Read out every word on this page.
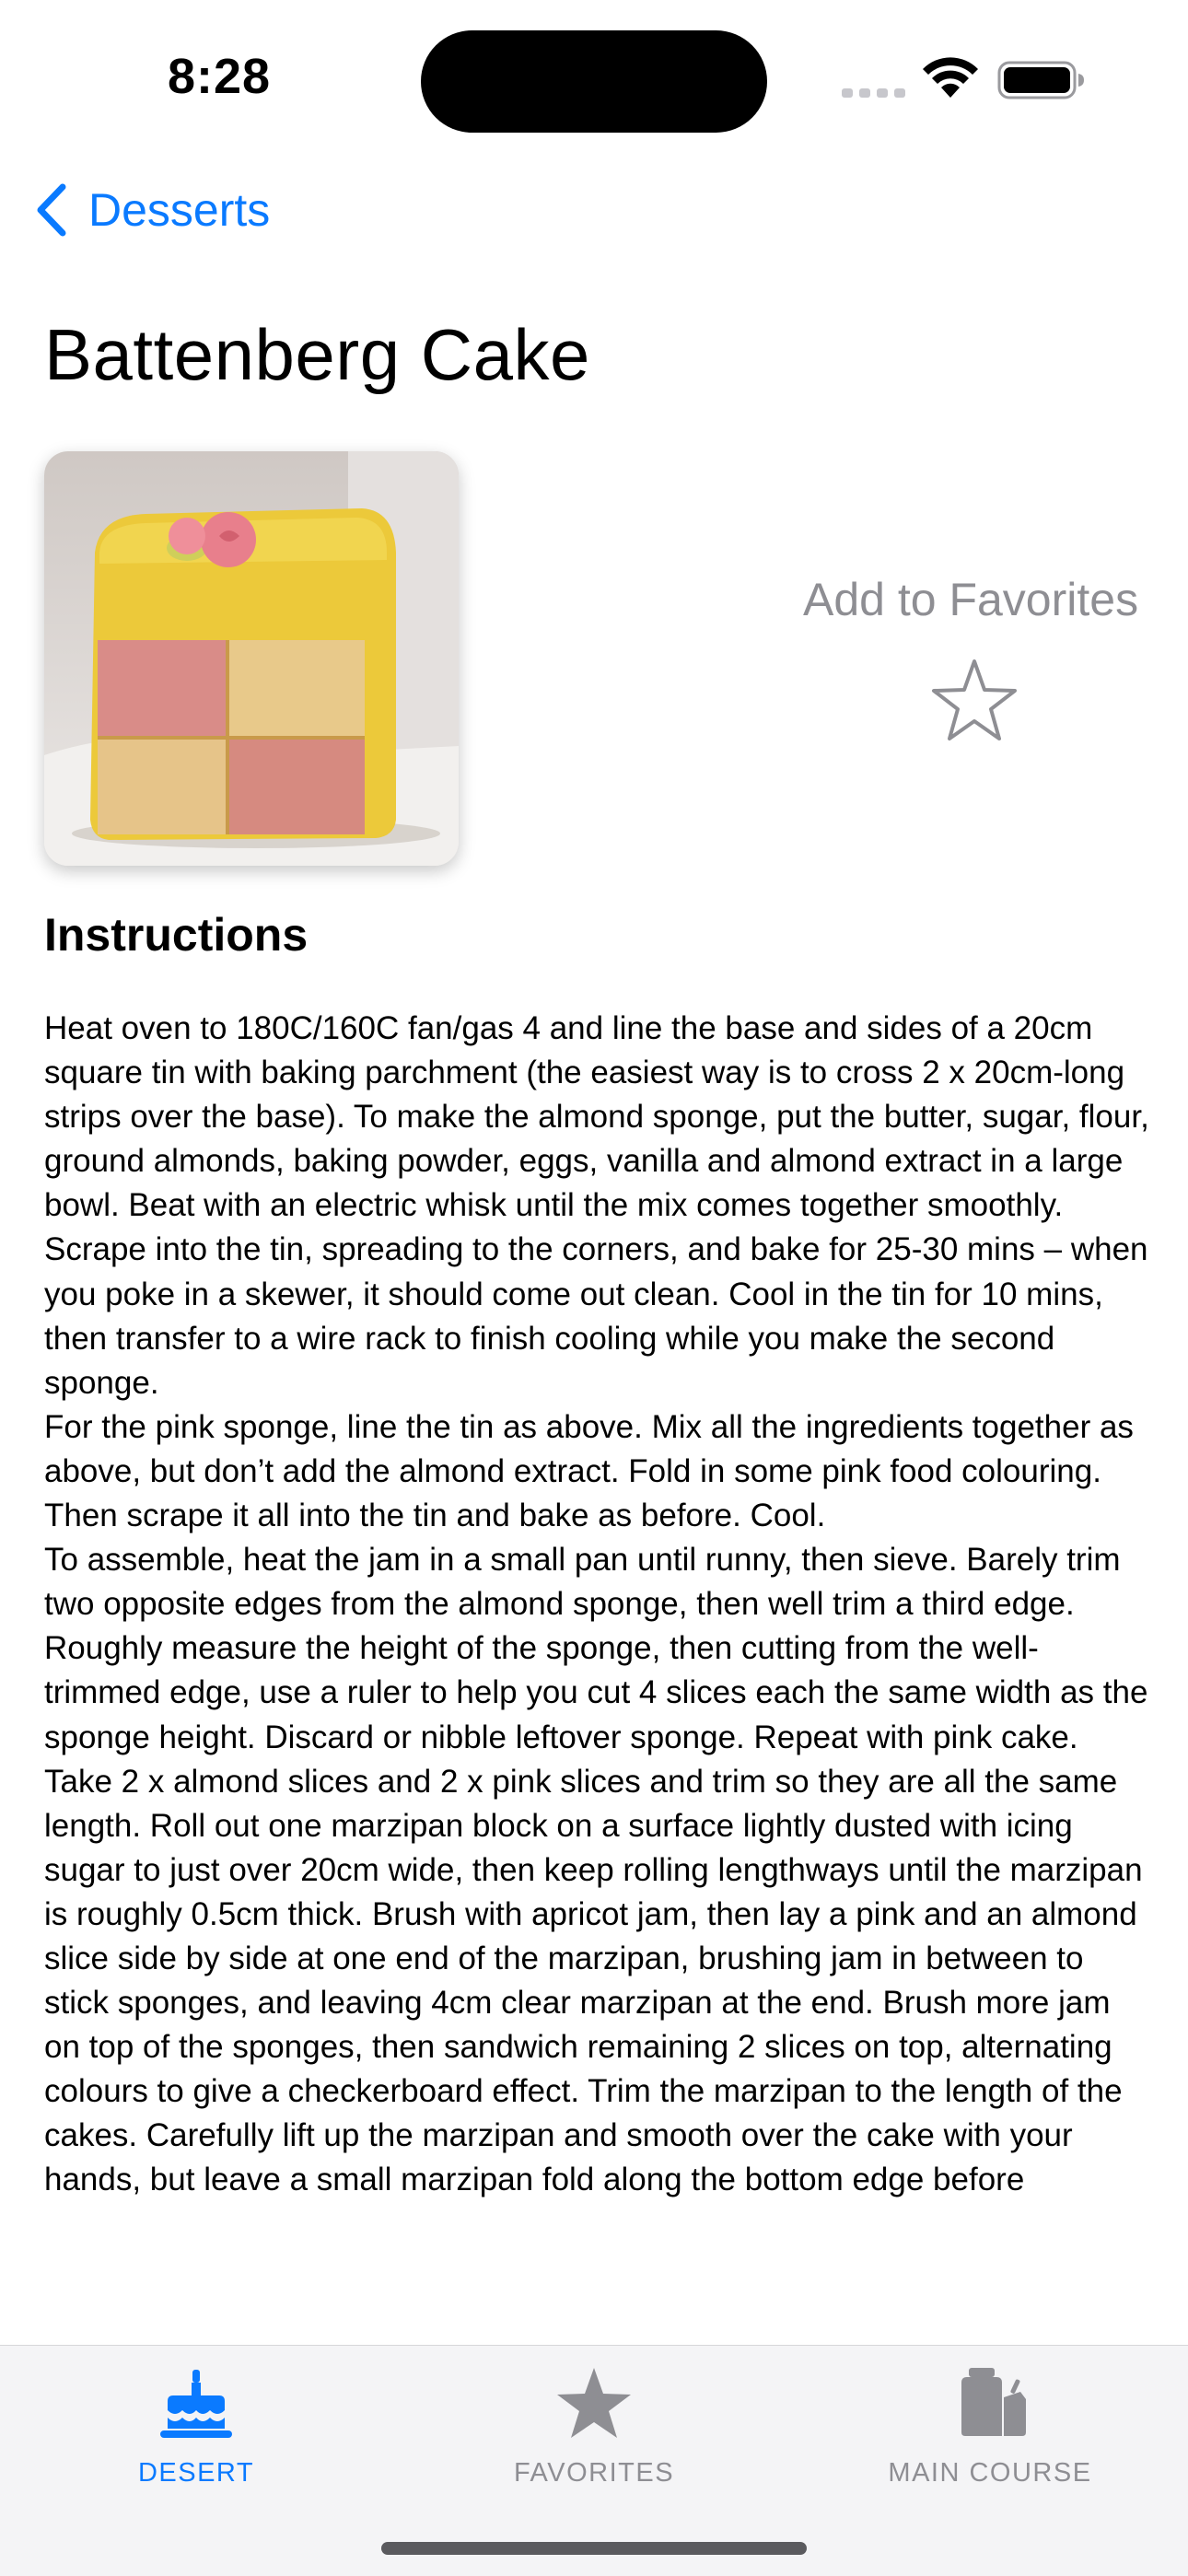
8:28
Desserts
Battenberg Cake
Add to Favorites
Instructions

Heat oven to 180C/160C fan/gas 4 and line the base and sides of a 20cm square tin with baking parchment (the easiest way is to cross 2 x 20cm-long strips over the base). To make the almond sponge, put the butter, sugar, flour, ground almonds, baking powder, eggs, vanilla and almond extract in a large bowl. Beat with an electric whisk until the mix comes together smoothly. Scrape into the tin, spreading to the corners, and bake for 25-30 mins – when you poke in a skewer, it should come out clean. Cool in the tin for 10 mins, then transfer to a wire rack to finish cooling while you make the second sponge.

For the pink sponge, line the tin as above. Mix all the ingredients together as above, but don’t add the almond extract. Fold in some pink food colouring. Then scrape it all into the tin and bake as before. Cool.

To assemble, heat the jam in a small pan until runny, then sieve. Barely trim two opposite edges from the almond sponge, then well trim a third edge. Roughly measure the height of the sponge, then cutting from the well-trimmed edge, use a ruler to help you cut 4 slices each the same width as the sponge height. Discard or nibble leftover sponge. Repeat with pink cake.

Take 2 x almond slices and 2 x pink slices and trim so they are all the same length. Roll out one marzipan block on a surface lightly dusted with icing sugar to just over 20cm wide, then keep rolling lengthways until the marzipan is roughly 0.5cm thick. Brush with apricot jam, then lay a pink and an almond slice side by side at one end of the marzipan, brushing jam in between to stick sponges, and leaving 4cm clear marzipan at the end. Brush more jam on top of the sponges, then sandwich remaining 2 slices on top, alternating colours to give a checkerboard effect. Trim the marzipan to the length of the cakes. Carefully lift up the marzipan and smooth over the cake with your hands, but leave a small marzipan fold along the bottom edge before

DESERT	FAVORITES	MAIN COURSE
